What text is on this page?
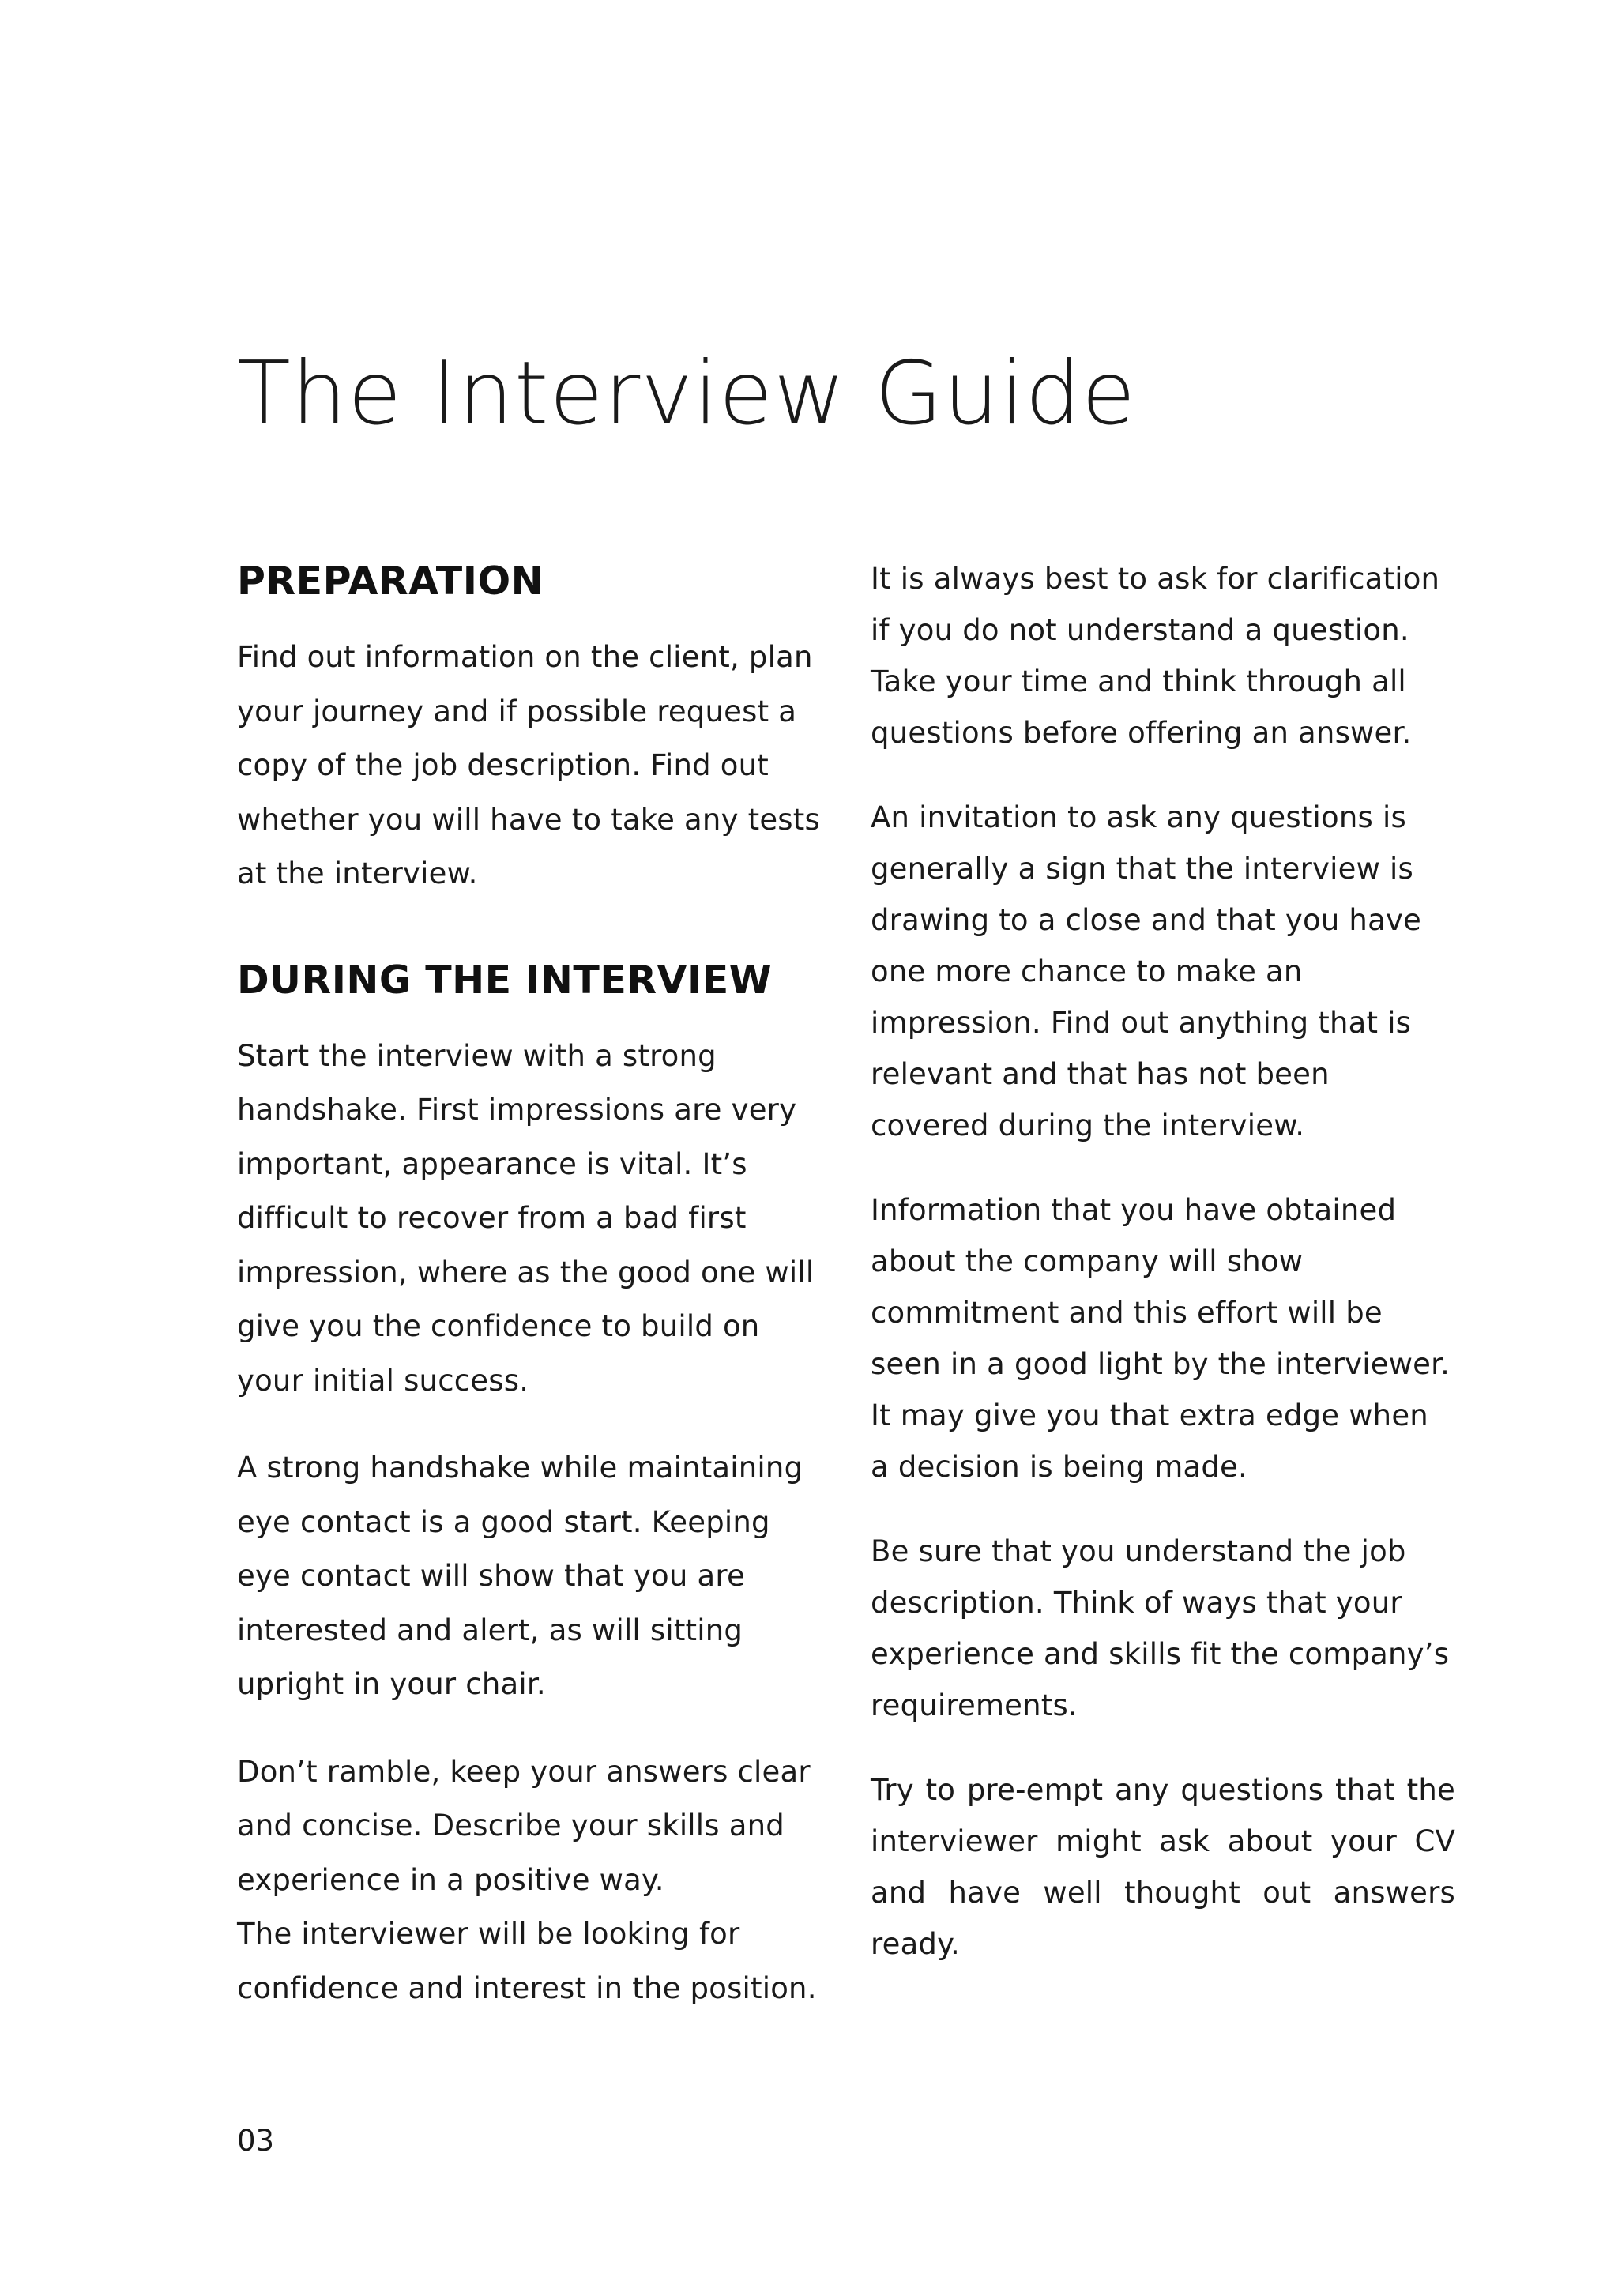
The Interview Guide
PREPARATION

Find out information on the client, plan your journey and if possible request a copy of the job description. Find out whether you will have to take any tests at the interview.

DURING THE INTERVIEW

Start the interview with a strong handshake. First impressions are very important, appearance is vital. It’s difficult to recover from a bad first impression, where as the good one will give you the confidence to build on your initial success.

A strong handshake while maintaining eye contact is a good start. Keeping eye contact will show that you are interested and alert, as will sitting upright in your chair.

Don’t ramble, keep your answers clear and concise. Describe your skills and experience in a positive way.

The interviewer will be looking for confidence and interest in the position.

It is always best to ask for clarification if you do not understand a question. Take your time and think through all questions before offering an answer.

An invitation to ask any questions is generally a sign that the interview is drawing to a close and that you have one more chance to make an impression. Find out anything that is relevant and that has not been covered during the interview.

Information that you have obtained about the company will show commitment and this effort will be seen in a good light by the interviewer. It may give you that extra edge when a decision is being made.

Be sure that you understand the job description. Think of ways that your experience and skills fit the company’s requirements.

Try to pre-empt any questions that the interviewer might ask about your CV and have well thought out answers ready.

03
